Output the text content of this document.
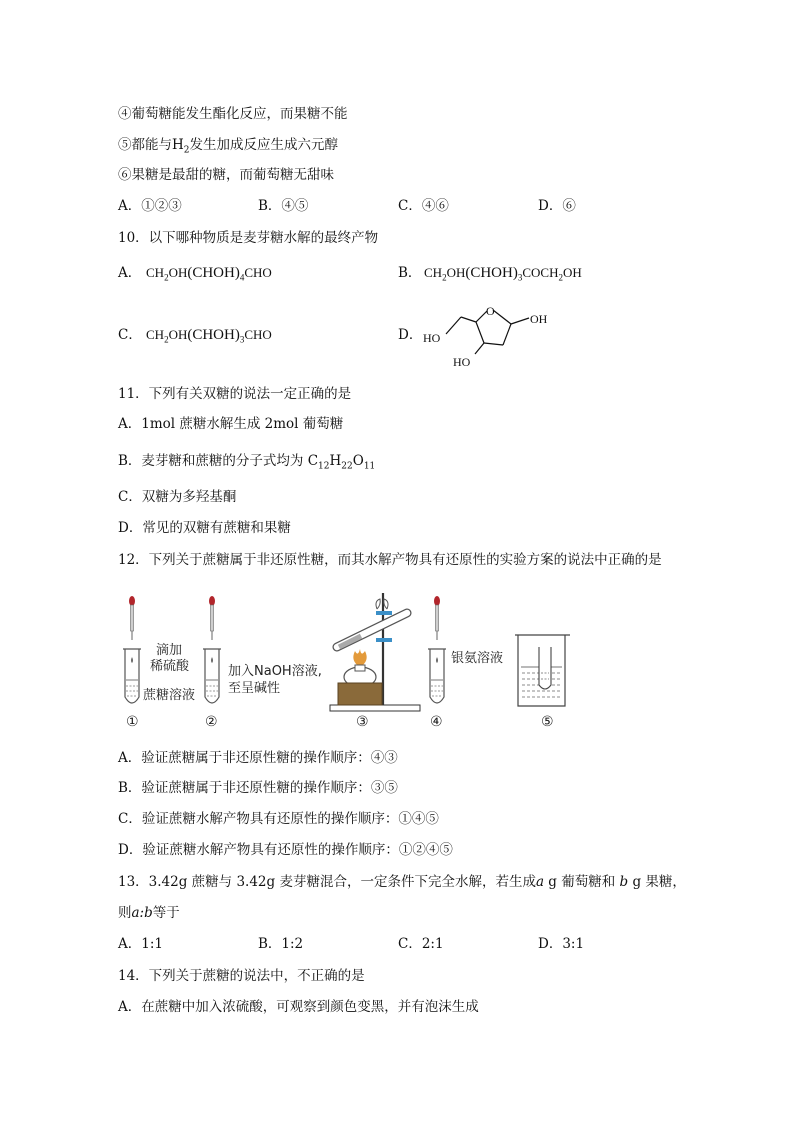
④葡萄糖能发生酯化反应，而果糖不能
⑤都能与$H_2$发生加成反应生成六元醇
⑥果糖是最甜的糖，而葡萄糖无甜味
A．①②③	B．④⑤	C．④⑥	D．⑥
10．以下哪种物质是麦芽糖水解的最终产物
A． $CH_2OH(CHOH)_4CHO$	B． $CH_2OH(CHOH)_3COCH_2OH$
C． $CH_2OH(CHOH)_3CHO$	D．
O
OH
HO
HO
11．下列有关双糖的说法一定正确的是
A．1mol 蔗糖水解生成 2mol 葡萄糖
B．麦芽糖和蔗糖的分子式均为 $C_{12}H_{22}O_{11}$
C．双糖为多羟基酮
D．常见的双糖有蔗糖和果糖
12．下列关于蔗糖属于非还原性糖，而其水解产物具有还原性的实验方案的说法中正确的是
滴加
稀硫酸
蔗糖溶液
加入NaOH溶液,
至呈碱性
银氨溶液
①	②	③	④	⑤
A．验证蔗糖属于非还原性糖的操作顺序：④③
B．验证蔗糖属于非还原性糖的操作顺序：③⑤
C．验证蔗糖水解产物具有还原性的操作顺序：①④⑤
D．验证蔗糖水解产物具有还原性的操作顺序：①②④⑤
13．3.42g 蔗糖与 3.42g 麦芽糖混合，一定条件下完全水解，若生成a g 葡萄糖和 b g 果糖，
则a:b等于
A．1:1	B．1:2	C．2:1	D．3:1
14．下列关于蔗糖的说法中，不正确的是
A．在蔗糖中加入浓硫酸，可观察到颜色变黑，并有泡沫生成
